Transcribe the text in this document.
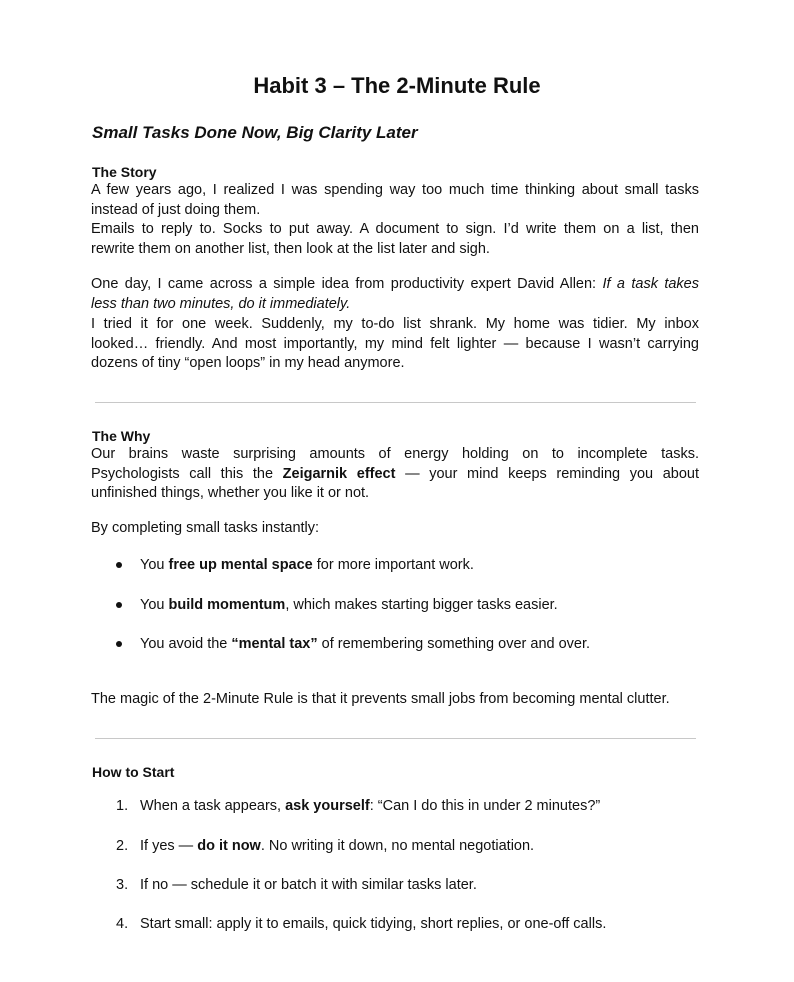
Habit 3 – The 2-Minute Rule
Small Tasks Done Now, Big Clarity Later
The Story
A few years ago, I realized I was spending way too much time thinking about small tasks
instead of just doing them.
Emails to reply to. Socks to put away. A document to sign. I’d write them on a list, then
rewrite them on another list, then look at the list later and sigh.
One day, I came across a simple idea from productivity expert David Allen: If a task takes
less than two minutes, do it immediately.
I tried it for one week. Suddenly, my to-do list shrank. My home was tidier. My inbox
looked… friendly. And most importantly, my mind felt lighter — because I wasn’t carrying
dozens of tiny “open loops” in my head anymore.
The Why
Our brains waste surprising amounts of energy holding on to incomplete tasks.
Psychologists call this the Zeigarnik effect — your mind keeps reminding you about
unfinished things, whether you like it or not.
By completing small tasks instantly:
You free up mental space for more important work.
You build momentum, which makes starting bigger tasks easier.
You avoid the “mental tax” of remembering something over and over.
The magic of the 2-Minute Rule is that it prevents small jobs from becoming mental clutter.
How to Start
1. When a task appears, ask yourself: “Can I do this in under 2 minutes?”
2. If yes — do it now. No writing it down, no mental negotiation.
3. If no — schedule it or batch it with similar tasks later.
4. Start small: apply it to emails, quick tidying, short replies, or one-off calls.
